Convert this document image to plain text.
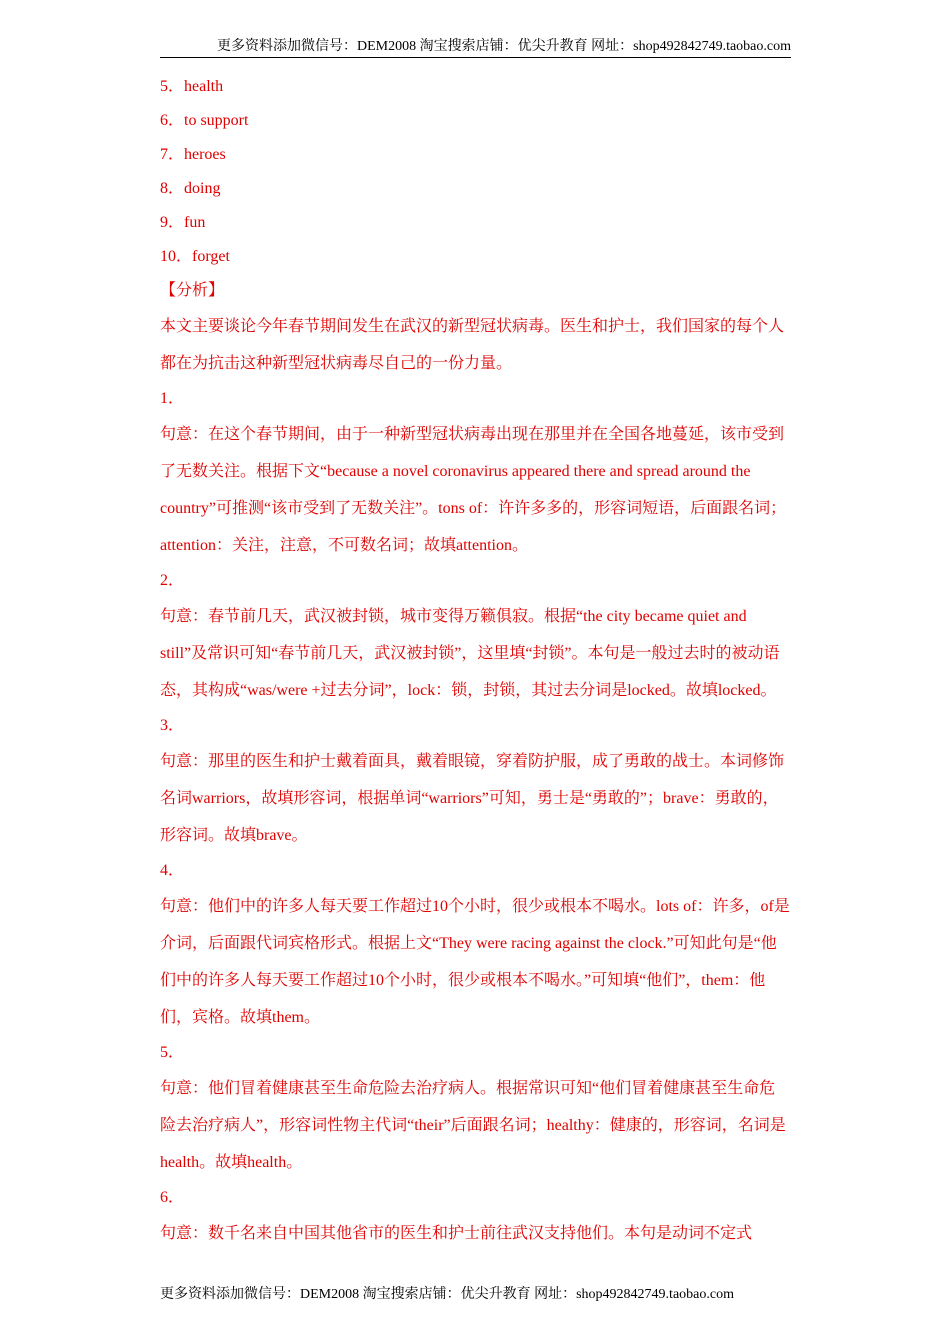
更多资料添加微信号：DEM2008 淘宝搜索店铺：优尖升教育 网址：shop492842749.taobao.com
5．health
6．to support
7．heroes
8．doing
9．fun
10．forget
【分析】

本文主要谈论今年春节期间发生在武汉的新型冠状病毒。医生和护士，我们国家的每个人都在为抗击这种新型冠状病毒尽自己的一份力量。

1．

句意：在这个春节期间，由于一种新型冠状病毒出现在那里并在全国各地蔓延，该市受到了无数关注。根据下文“because a novel coronavirus appeared there and spread around the country”可推测“该市受到了无数关注”。tons of：许许多多的，形容词短语，后面跟名词；attention：关注，注意，不可数名词；故填attention。

2．

句意：春节前几天，武汉被封锁，城市变得万籁俱寂。根据“the city became quiet and still”及常识可知“春节前几天，武汉被封锁”，这里填“封锁”。本句是一般过去时的被动语态，其构成“was/were +过去分词”，lock：锁，封锁，其过去分词是locked。故填locked。

3．

句意：那里的医生和护士戴着面具，戴着眼镜，穿着防护服，成了勇敢的战士。本词修饰名词warriors，故填形容词，根据单词“warriors”可知，勇士是“勇敢的”；brave：勇敢的，形容词。故填brave。

4．

句意：他们中的许多人每天要工作超过10个小时，很少或根本不喝水。lots of：许多，of是介词，后面跟代词宾格形式。根据上文“They were racing against the clock.”可知此句是“他们中的许多人每天要工作超过10个小时，很少或根本不喝水。”可知填“他们”，them：他们，宾格。故填them。

5．

句意：他们冒着健康甚至生命危险去治疗病人。根据常识可知“他们冒着健康甚至生命危险去治疗病人”，形容词性物主代词“their”后面跟名词；healthy：健康的，形容词，名词是health。故填health。

6．

句意：数千名来自中国其他省市的医生和护士前往武汉支持他们。本句是动词不定式

更多资料添加微信号：DEM2008 淘宝搜索店铺：优尖升教育 网址：shop492842749.taobao.com
